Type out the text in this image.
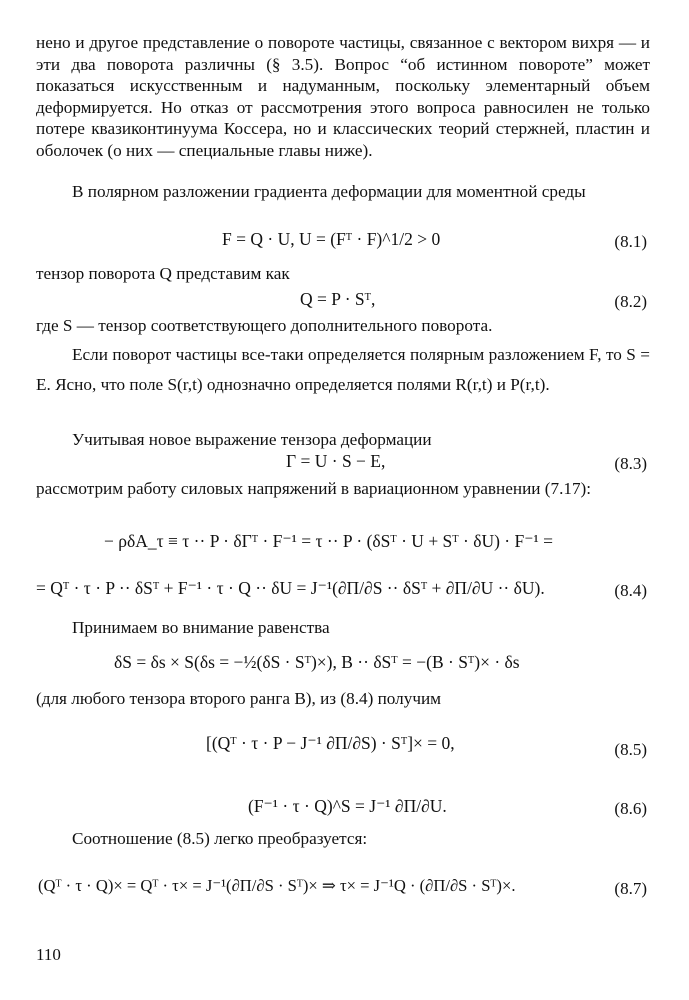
нено и другое представление о повороте частицы, связанное с вектором вихря — и эти два поворота различны (§ 3.5). Вопрос “об истинном повороте” может показаться искусственным и надуманным, поскольку элементарный объем деформируется. Но отказ от рассмотрения этого вопроса равносилен не только потере квазиконтинуума Коссера, но и классических теорий стержней, пластин и оболочек (о них — специальные главы ниже).

В полярном разложении градиента деформации для моментной среды

F = Q · U, U = (Fᵀ · F)^1/2 > 0	(8.1)

тензор поворота Q представим как

Q = P · Sᵀ,	(8.2)

где S — тензор соответствующего дополнительного поворота.

Если поворот частицы все-таки определяется полярным разложением F, то S = E. Ясно, что поле S(r,t) однозначно определяется полями R(r,t) и P(r,t).

Учитывая новое выражение тензора деформации

Γ = U · S − E,	(8.3)

рассмотрим работу силовых напряжений в вариационном уравнении (7.17):

− ρδA_τ ≡ τ ·· P · δΓᵀ · F⁻¹ = τ ·· P · (δSᵀ · U + Sᵀ · δU) · F⁻¹ =
= Qᵀ · τ · P ·· δSᵀ + F⁻¹ · τ · Q ·· δU = J⁻¹(∂Π/∂S ·· δSᵀ + ∂Π/∂U ·· δU).	(8.4)

Принимаем во внимание равенства

δS = δs × S(δs = −½(δS · Sᵀ)×), B ·· δSᵀ = −(B · Sᵀ)× · δs

(для любого тензора второго ранга B), из (8.4) получим

[(Qᵀ · τ · P − J⁻¹ ∂Π/∂S) · Sᵀ]× = 0,	(8.5)
(F⁻¹ · τ · Q)^S = J⁻¹ ∂Π/∂U.	(8.6)

Соотношение (8.5) легко преобразуется:

(Qᵀ · τ · Q)× = Qᵀ · τ× = J⁻¹(∂Π/∂S · Sᵀ)× ⇒ τ× = J⁻¹Q · (∂Π/∂S · Sᵀ)×.	(8.7)
110
